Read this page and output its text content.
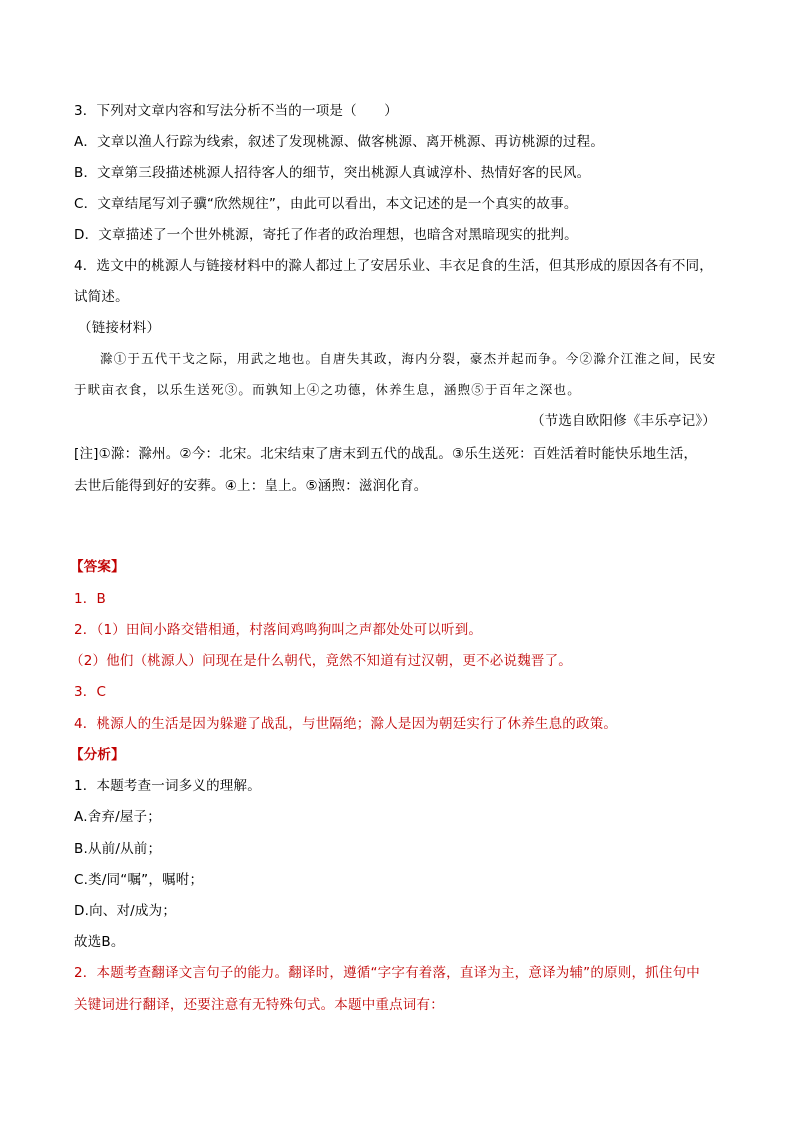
3．下列对文章内容和写法分析不当的一项是（　　）
A．文章以渔人行踪为线索，叙述了发现桃源、做客桃源、离开桃源、再访桃源的过程。
B．文章第三段描述桃源人招待客人的细节，突出桃源人真诚淳朴、热情好客的民风。
C．文章结尾写刘子骥“欣然规往”，由此可以看出，本文记述的是一个真实的故事。
D．文章描述了一个世外桃源，寄托了作者的政治理想，也暗含对黑暗现实的批判。
4．选文中的桃源人与链接材料中的滁人都过上了安居乐业、丰衣足食的生活，但其形成的原因各有不同，
试简述。
（链接材料）
滁①于五代干戈之际，用武之地也。自唐失其政，海内分裂，豪杰并起而争。今②滁介江淮之间，民安
于畎亩衣食，以乐生送死③。而孰知上④之功德，休养生息，涵煦⑤于百年之深也。
（节选自欧阳修《丰乐亭记》）
[注]①滁：滁州。②今：北宋。北宋结束了唐末到五代的战乱。③乐生送死：百姓活着时能快乐地生活，
去世后能得到好的安葬。④上：皇上。⑤涵煦：滋润化育。
【答案】
1．B
2．（1）田间小路交错相通，村落间鸡鸣狗叫之声都处处可以听到。
（2）他们（桃源人）问现在是什么朝代，竟然不知道有过汉朝，更不必说魏晋了。
3．C
4．桃源人的生活是因为躲避了战乱，与世隔绝；滁人是因为朝廷实行了休养生息的政策。
【分析】
1．本题考查一词多义的理解。
A.舍弃/屋子；
B.从前/从前；
C.类/同“嘱”，嘱咐；
D.向、对/成为；
故选B。
2．本题考查翻译文言句子的能力。翻译时，遵循“字字有着落，直译为主，意译为辅”的原则，抓住句中
关键词进行翻译，还要注意有无特殊句式。本题中重点词有：
